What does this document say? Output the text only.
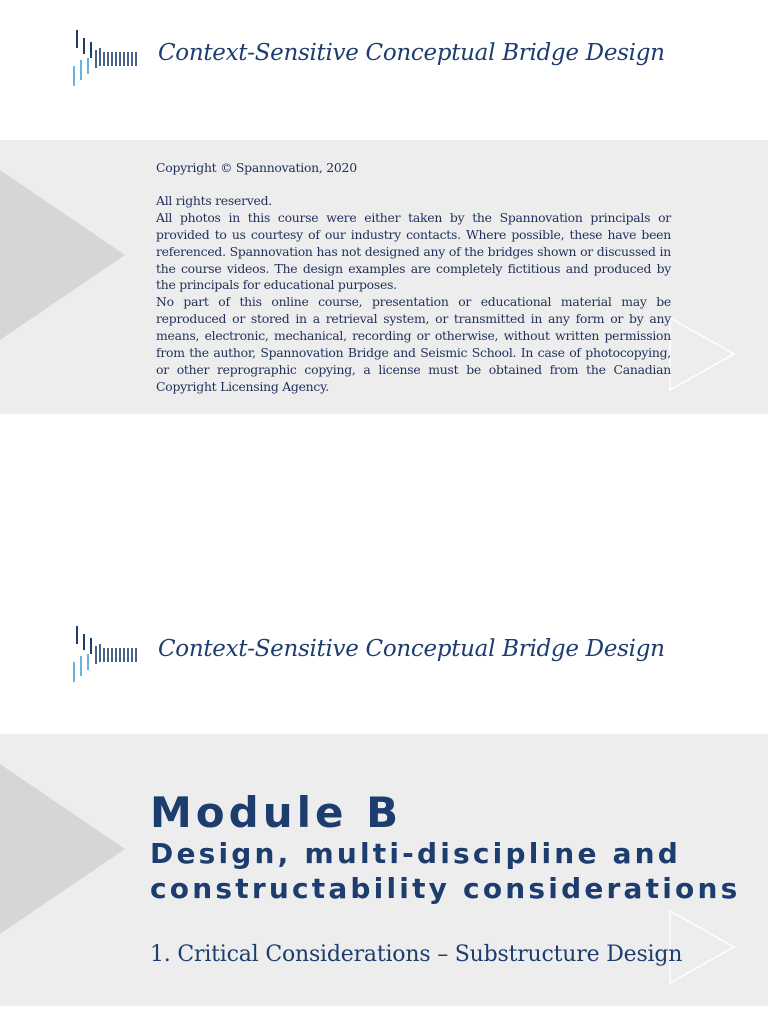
Context-Sensitive Conceptual Bridge Design

Copyright © Spannovation, 2020

All rights reserved.

All photos in this course were either taken by the Spannovation principals or provided to us courtesy of our industry contacts. Where possible, these have been referenced. Spannovation has not designed any of the bridges shown or discussed in the course videos. The design examples are completely fictitious and produced by the principals for educational purposes.

No part of this online course, presentation or educational material may be reproduced or stored in a retrieval system, or transmitted in any form or by any means, electronic, mechanical, recording or otherwise, without written permission from the author, Spannovation Bridge and Seismic School. In case of photocopying, or other reprographic copying, a license must be obtained from the Canadian Copyright Licensing Agency.

Context-Sensitive Conceptual Bridge Design
Module B
Design, multi-discipline and
constructability considerations
1. Critical Considerations – Substructure Design
